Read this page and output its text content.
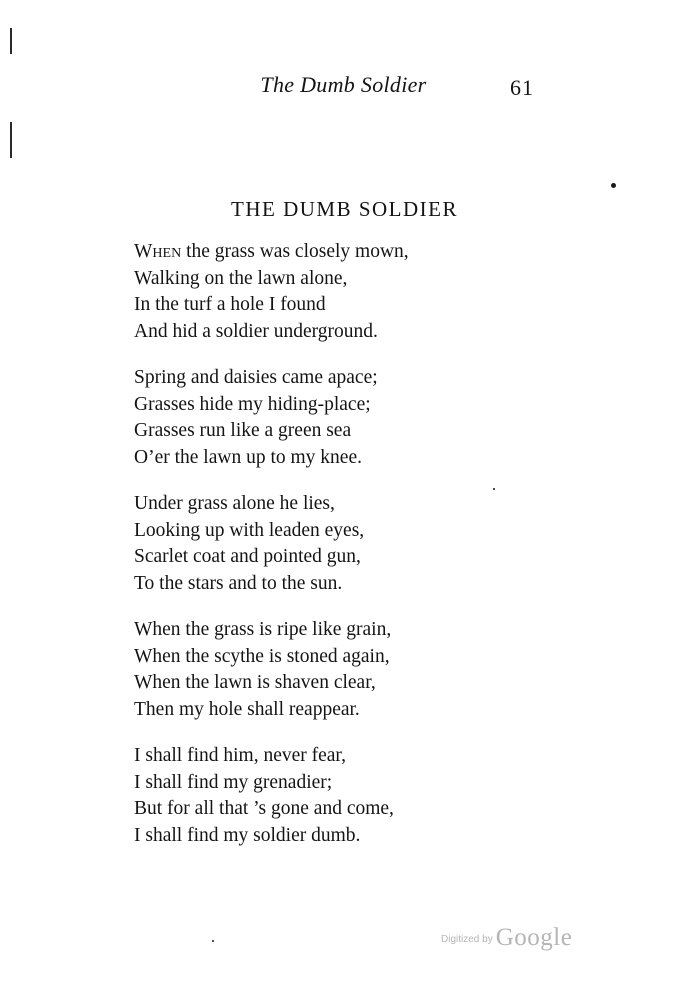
The Dumb Soldier	61
THE DUMB SOLDIER
When the grass was closely mown,
Walking on the lawn alone,
In the turf a hole I found
And hid a soldier underground.
Spring and daisies came apace;
Grasses hide my hiding-place;
Grasses run like a green sea
O’er the lawn up to my knee.
Under grass alone he lies,
Looking up with leaden eyes,
Scarlet coat and pointed gun,
To the stars and to the sun.
When the grass is ripe like grain,
When the scythe is stoned again,
When the lawn is shaven clear,
Then my hole shall reappear.
I shall find him, never fear,
I shall find my grenadier;
But for all that ’s gone and come,
I shall find my soldier dumb.
Digitized by Google
